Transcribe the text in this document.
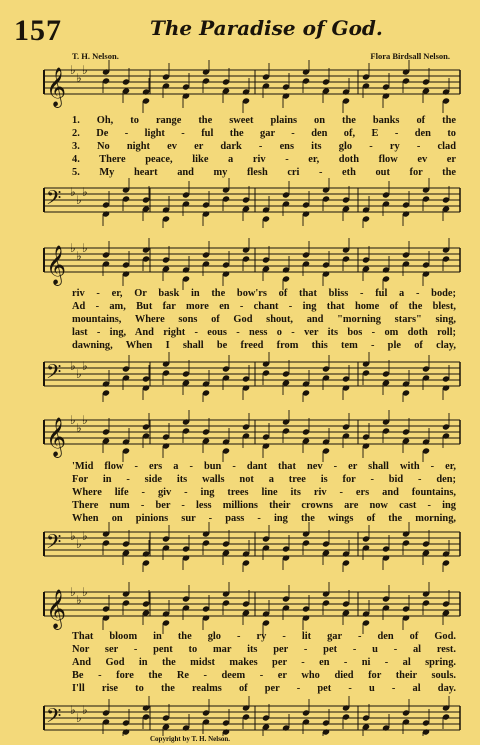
157	The Paradise of God.
T. H. Nelson.	Flora Birdsall Nelson.
𝄞 ♭
♭
♭
1. Oh, to range the sweet plains on the banks of the
2. De - light - ful the gar - den of, E - den to
3. No night ev er dark - ens its glo - ry - clad
4. There peace, like a riv - er, doth flow ev er
5. My heart and my flesh cri - eth out for the
𝄢 ♭
♭
♭
𝄞 ♭
♭
♭
riv - er, Or bask in the bow'rs of that bliss - ful a - bode;
Ad - am, But far more en - chant - ing that home of the blest,
mountains, Where sons of God shout, and "morning stars" sing,
last - ing, And right - eous - ness o - ver its bos - om doth roll;
dawning, When I shall be freed from this tem - ple of clay,
𝄢 ♭
♭
♭
𝄞 ♭
♭
♭
'Mid flow - ers a - bun - dant that nev - er shall with - er,
For in - side its walls not a tree is for - bid - den;
Where life - giv - ing trees line its riv - ers and fountains,
There num - ber - less millions their crowns are now cast - ing
When on pinions sur - pass - ing the wings of the morning,
𝄢 ♭
♭
♭
𝄞 ♭
♭
♭
That bloom in the glo - ry - lit gar - den of God.
Nor ser - pent to mar its per - pet - u - al rest.
And God in the midst makes per - en - ni - al spring.
Be - fore the Re - deem - er who died for their souls.
I'll rise to the realms of per - pet - u - al day.
𝄢 ♭
♭
♭
Copyright by T. H. Nelson.
